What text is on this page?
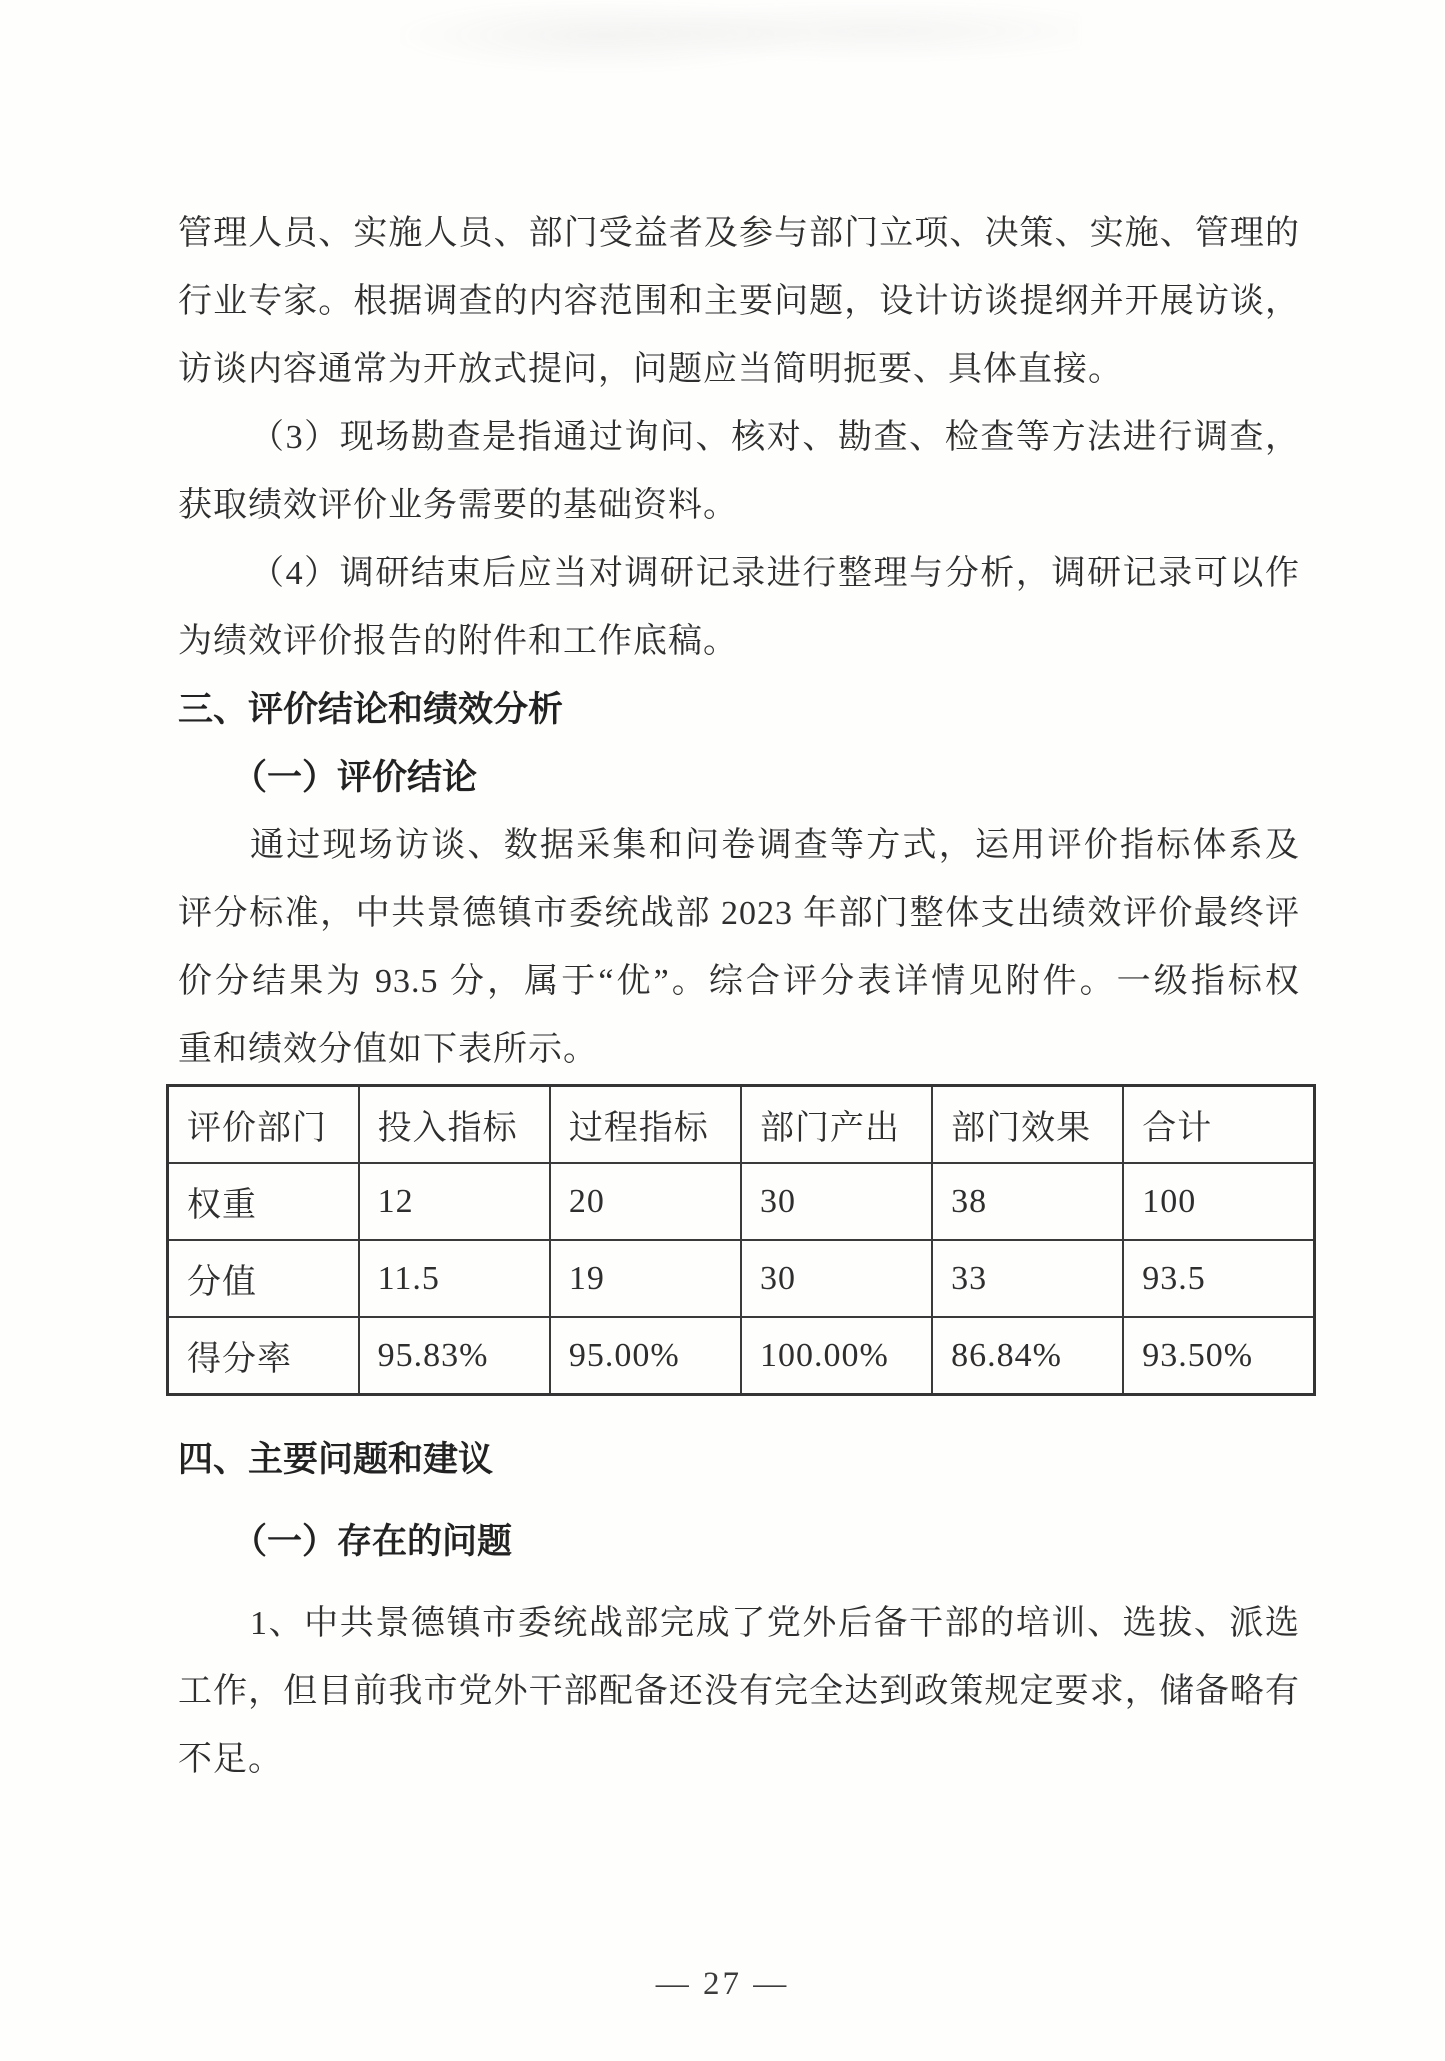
管理人员、实施人员、部门受益者及参与部门立项、决策、实施、管理的
行业专家。根据调查的内容范围和主要问题，设计访谈提纲并开展访谈，
访谈内容通常为开放式提问，问题应当简明扼要、具体直接。
（3）现场勘查是指通过询问、核对、勘查、检查等方法进行调查，
获取绩效评价业务需要的基础资料。
（4）调研结束后应当对调研记录进行整理与分析，调研记录可以作
为绩效评价报告的附件和工作底稿。
三、评价结论和绩效分析
（一）评价结论
通过现场访谈、数据采集和问卷调查等方式，运用评价指标体系及
评分标准，中共景德镇市委统战部 2023 年部门整体支出绩效评价最终评
价分结果为 93.5 分，属于“优”。综合评分表详情见附件。一级指标权
重和绩效分值如下表所示。
评价部门	投入指标	过程指标	部门产出	部门效果	合计
权重	12	20	30	38	100
分值	11.5	19	30	33	93.5
得分率	95.83%	95.00%	100.00%	86.84%	93.50%
四、主要问题和建议
（一）存在的问题
1、中共景德镇市委统战部完成了党外后备干部的培训、选拔、派选
工作，但目前我市党外干部配备还没有完全达到政策规定要求，储备略有
不足。
— 27 —
